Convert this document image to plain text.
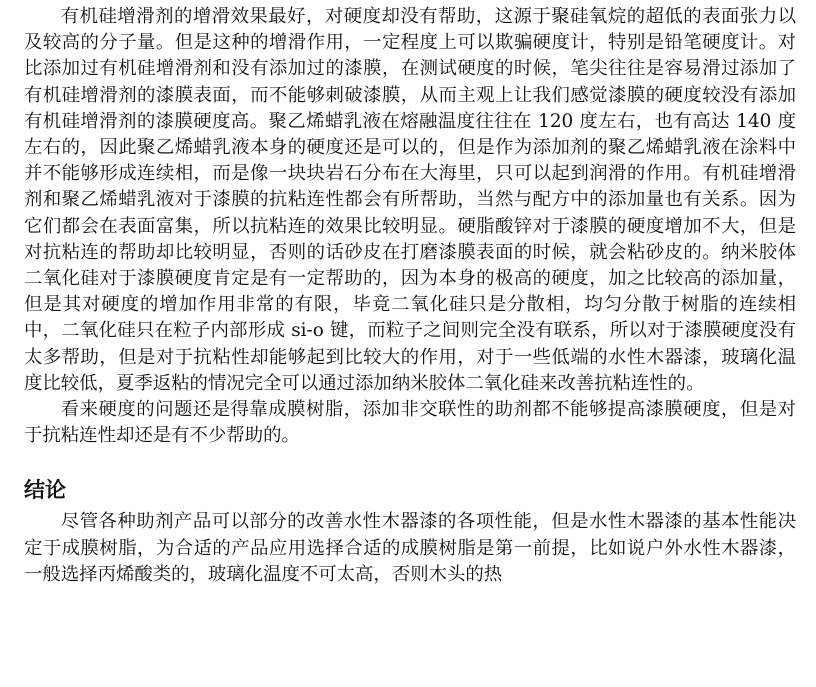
有机硅增滑剂的增滑效果最好，对硬度却没有帮助，这源于聚硅氧烷的超低的表面张力以及较高的分子量。但是这种的增滑作用，一定程度上可以欺骗硬度计，特别是铅笔硬度计。对比添加过有机硅增滑剂和没有添加过的漆膜，在测试硬度的时候，笔尖往往是容易滑过添加了有机硅增滑剂的漆膜表面，而不能够刺破漆膜，从而主观上让我们感觉漆膜的硬度较没有添加有机硅增滑剂的漆膜硬度高。聚乙烯蜡乳液在熔融温度往往在 120 度左右，也有高达 140 度左右的，因此聚乙烯蜡乳液本身的硬度还是可以的，但是作为添加剂的聚乙烯蜡乳液在涂料中并不能够形成连续相，而是像一块块岩石分布在大海里，只可以起到润滑的作用。有机硅增滑剂和聚乙烯蜡乳液对于漆膜的抗粘连性都会有所帮助，当然与配方中的添加量也有关系。因为它们都会在表面富集，所以抗粘连的效果比较明显。硬脂酸锌对于漆膜的硬度增加不大，但是对抗粘连的帮助却比较明显，否则的话砂皮在打磨漆膜表面的时候，就会粘砂皮的。纳米胶体二氧化硅对于漆膜硬度肯定是有一定帮助的，因为本身的极高的硬度，加之比较高的添加量，但是其对硬度的增加作用非常的有限，毕竟二氧化硅只是分散相，均匀分散于树脂的连续相中，二氧化硅只在粒子内部形成 si-o 键，而粒子之间则完全没有联系，所以对于漆膜硬度没有太多帮助，但是对于抗粘性却能够起到比较大的作用，对于一些低端的水性木器漆，玻璃化温度比较低，夏季返粘的情况完全可以通过添加纳米胶体二氧化硅来改善抗粘连性的。

看来硬度的问题还是得靠成膜树脂，添加非交联性的助剂都不能够提高漆膜硬度，但是对于抗粘连性却还是有不少帮助的。

结论

尽管各种助剂产品可以部分的改善水性木器漆的各项性能，但是水性木器漆的基本性能决定于成膜树脂，为合适的产品应用选择合适的成膜树脂是第一前提，比如说户外水性木器漆，一般选择丙烯酸类的，玻璃化温度不可太高，否则木头的热
